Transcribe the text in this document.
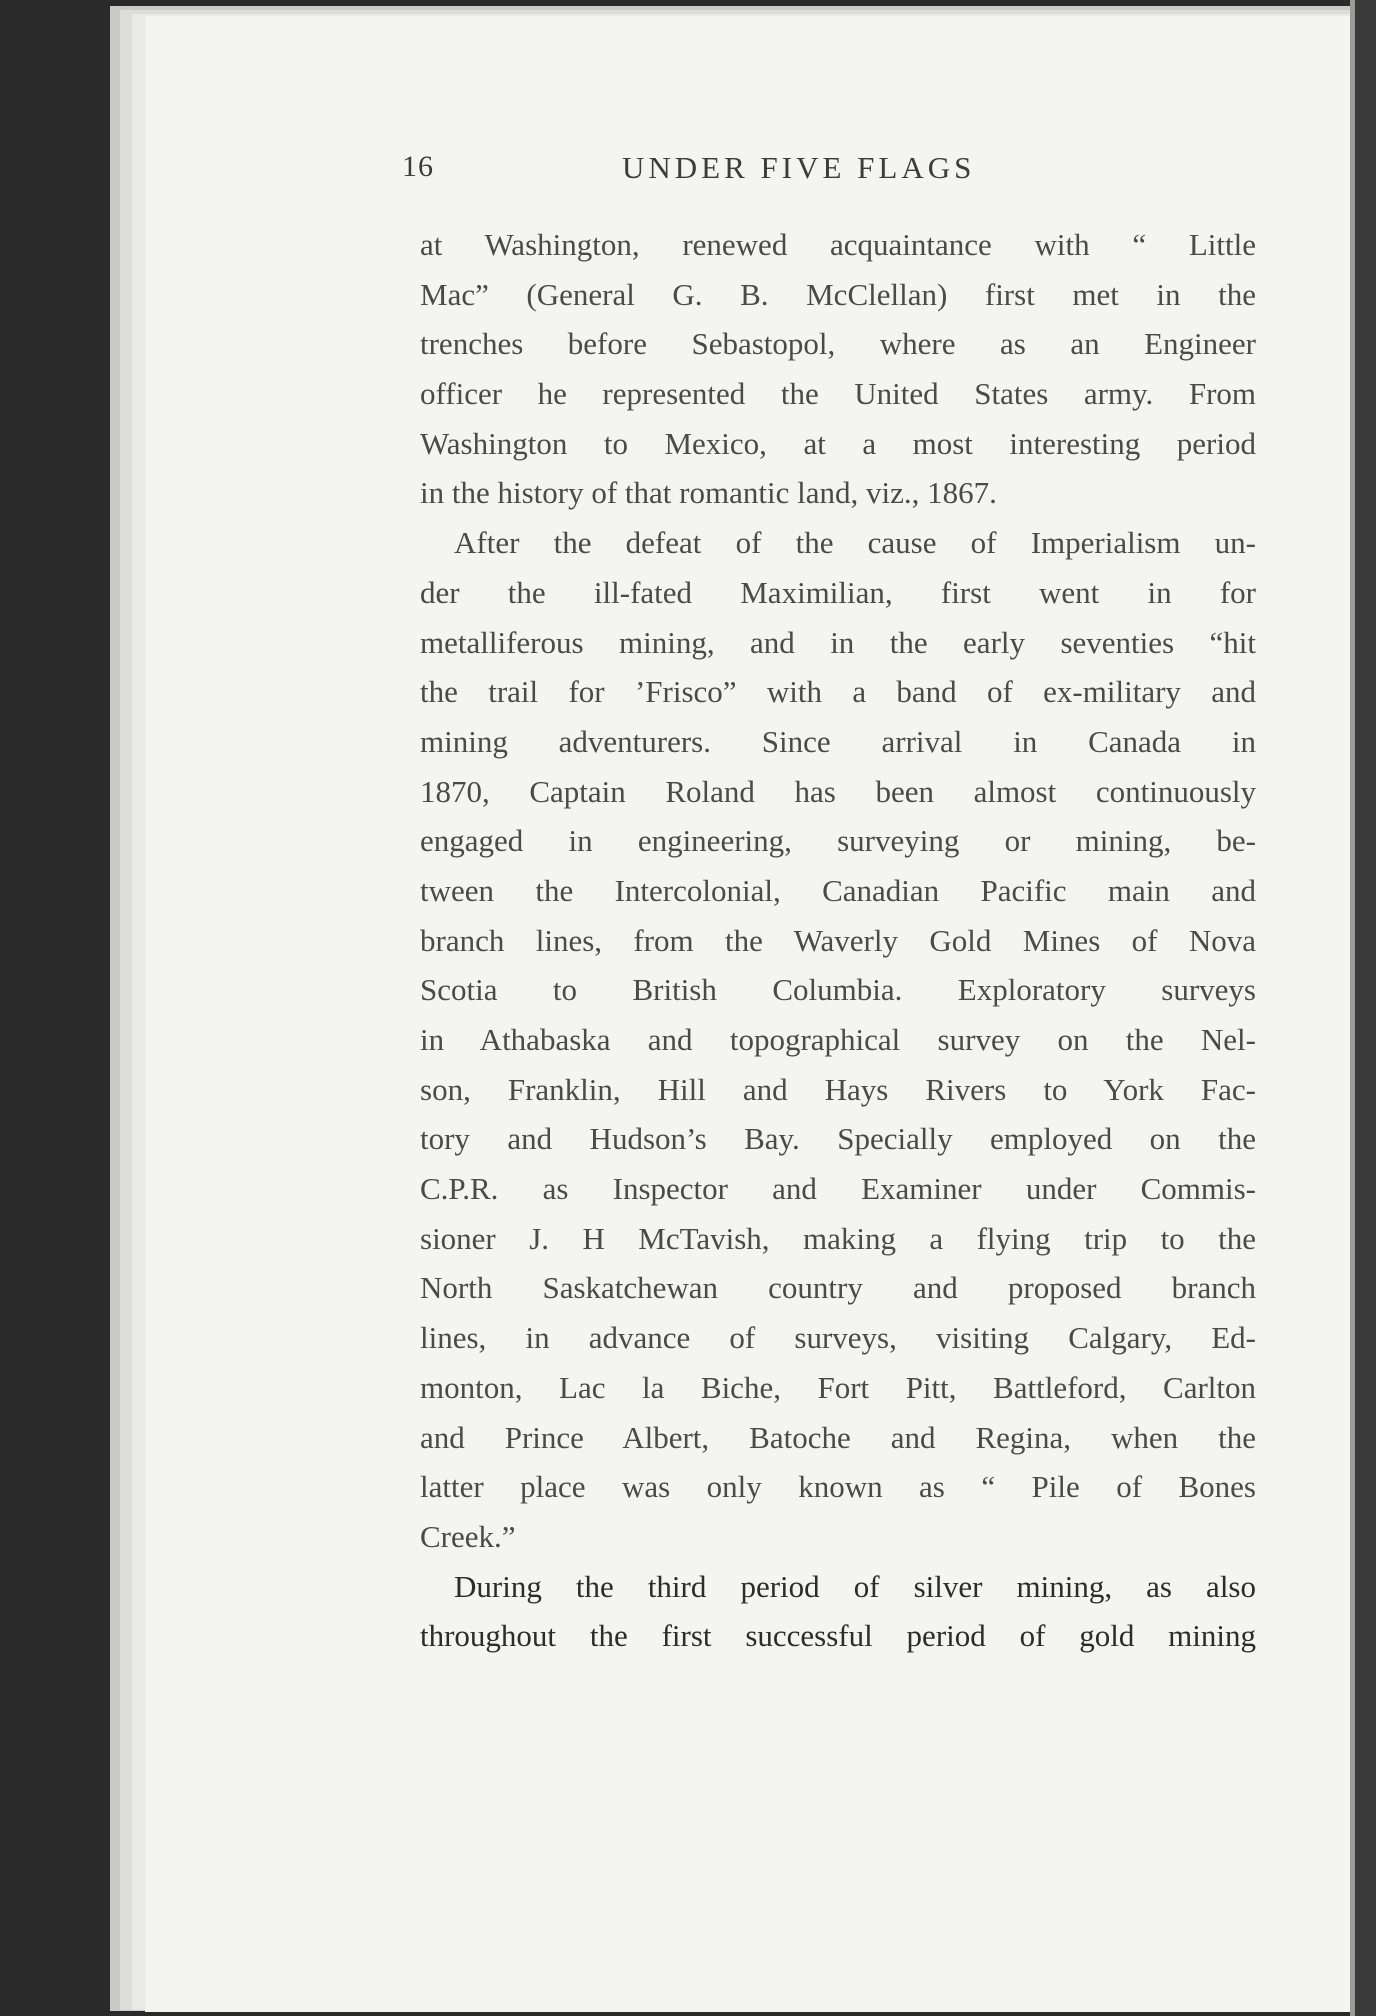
16	UNDER FIVE FLAGS
at Washington, renewed acquaintance with “ Little
Mac” (General G. B. McClellan) first met in the
trenches before Sebastopol, where as an Engineer
officer he represented the United States army. From
Washington to Mexico, at a most interesting period
in the history of that romantic land, viz., 1867.
After the defeat of the cause of Imperialism un-
der the ill-fated Maximilian, first went in for
metalliferous mining, and in the early seventies “hit
the trail for ’Frisco” with a band of ex-military and
mining adventurers. Since arrival in Canada in
1870, Captain Roland has been almost continuously
engaged in engineering, surveying or mining, be-
tween the Intercolonial, Canadian Pacific main and
branch lines, from the Waverly Gold Mines of Nova
Scotia to British Columbia. Exploratory surveys
in Athabaska and topographical survey on the Nel-
son, Franklin, Hill and Hays Rivers to York Fac-
tory and Hudson’s Bay. Specially employed on the
C.P.R. as Inspector and Examiner under Commis-
sioner J. H McTavish, making a flying trip to the
North Saskatchewan country and proposed branch
lines, in advance of surveys, visiting Calgary, Ed-
monton, Lac la Biche, Fort Pitt, Battleford, Carlton
and Prince Albert, Batoche and Regina, when the
latter place was only known as “ Pile of Bones
Creek.”
During the third period of silver mining, as also
throughout the first successful period of gold mining
